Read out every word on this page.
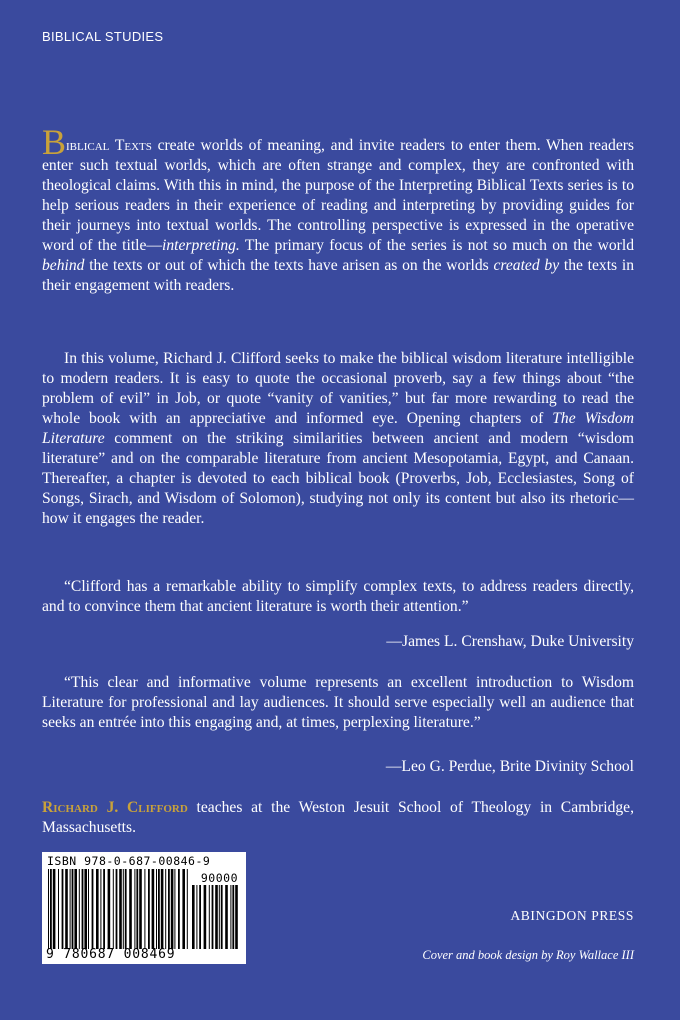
BIBLICAL STUDIES
Biblical Texts create worlds of meaning, and invite readers to enter them. When readers enter such textual worlds, which are often strange and complex, they are confronted with theological claims. With this in mind, the purpose of the Interpreting Biblical Texts series is to help serious readers in their experience of reading and interpreting by providing guides for their journeys into textual worlds. The controlling perspective is expressed in the operative word of the title—interpreting. The primary focus of the series is not so much on the world behind the texts or out of which the texts have arisen as on the worlds created by the texts in their engagement with readers.
In this volume, Richard J. Clifford seeks to make the biblical wisdom literature intelligible to modern readers. It is easy to quote the occasional proverb, say a few things about “the problem of evil” in Job, or quote “vanity of vanities,” but far more rewarding to read the whole book with an appreciative and informed eye. Opening chapters of The Wisdom Literature comment on the striking similarities between ancient and modern “wisdom literature” and on the comparable literature from ancient Mesopotamia, Egypt, and Canaan. Thereafter, a chapter is devoted to each biblical book (Proverbs, Job, Ecclesiastes, Song of Songs, Sirach, and Wisdom of Solomon), studying not only its content but also its rhetoric—how it engages the reader.
“Clifford has a remarkable ability to simplify complex texts, to address readers directly, and to convince them that ancient literature is worth their attention.”
—James L. Crenshaw, Duke University
“This clear and informative volume represents an excellent introduction to Wisdom Literature for professional and lay audiences. It should serve especially well an audience that seeks an entrée into this engaging and, at times, perplexing literature.”
—Leo G. Perdue, Brite Divinity School
Richard J. Clifford teaches at the Weston Jesuit School of Theology in Cambridge, Massachusetts.
ISBN 978-0-687-00846-9
90000
9 780687 008469
ABINGDON PRESS
Cover and book design by Roy Wallace III
